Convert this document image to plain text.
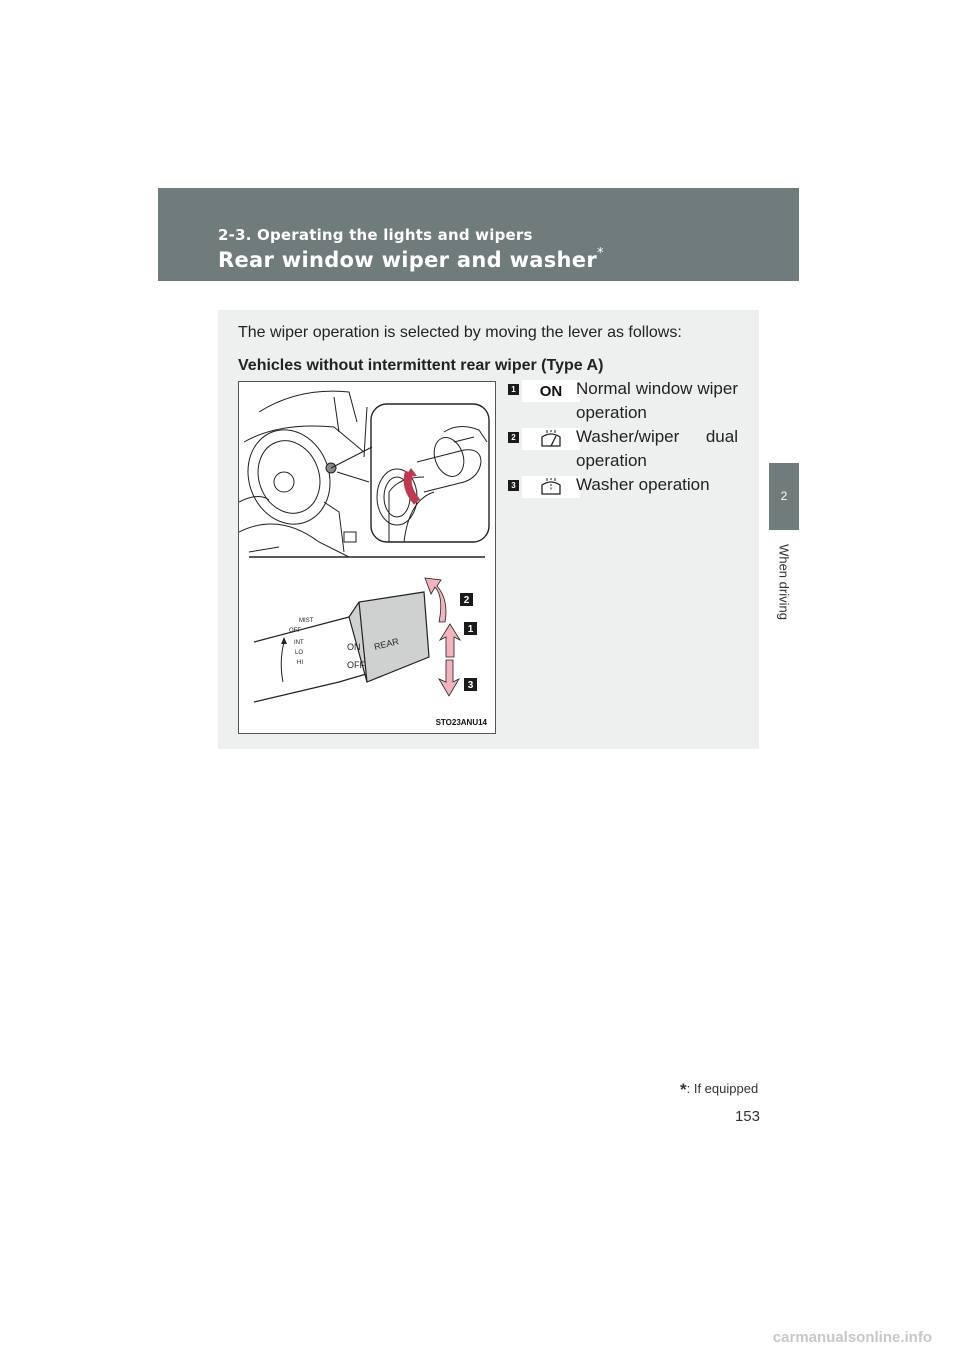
2-3. Operating the lights and wipers
Rear window wiper and washer*
2
When driving
The wiper operation is selected by moving the lever as follows:
Vehicles without intermittent rear wiper (Type A)
MIST
OFF
INT
LO
HI
ON
OFF
REAR
2
1
3
STO23ANU14
1 ON Normal window wiper operation
2	Washer/wiper dual operation
3	Washer operation
*: If equipped
153
carmanualsonline.info
